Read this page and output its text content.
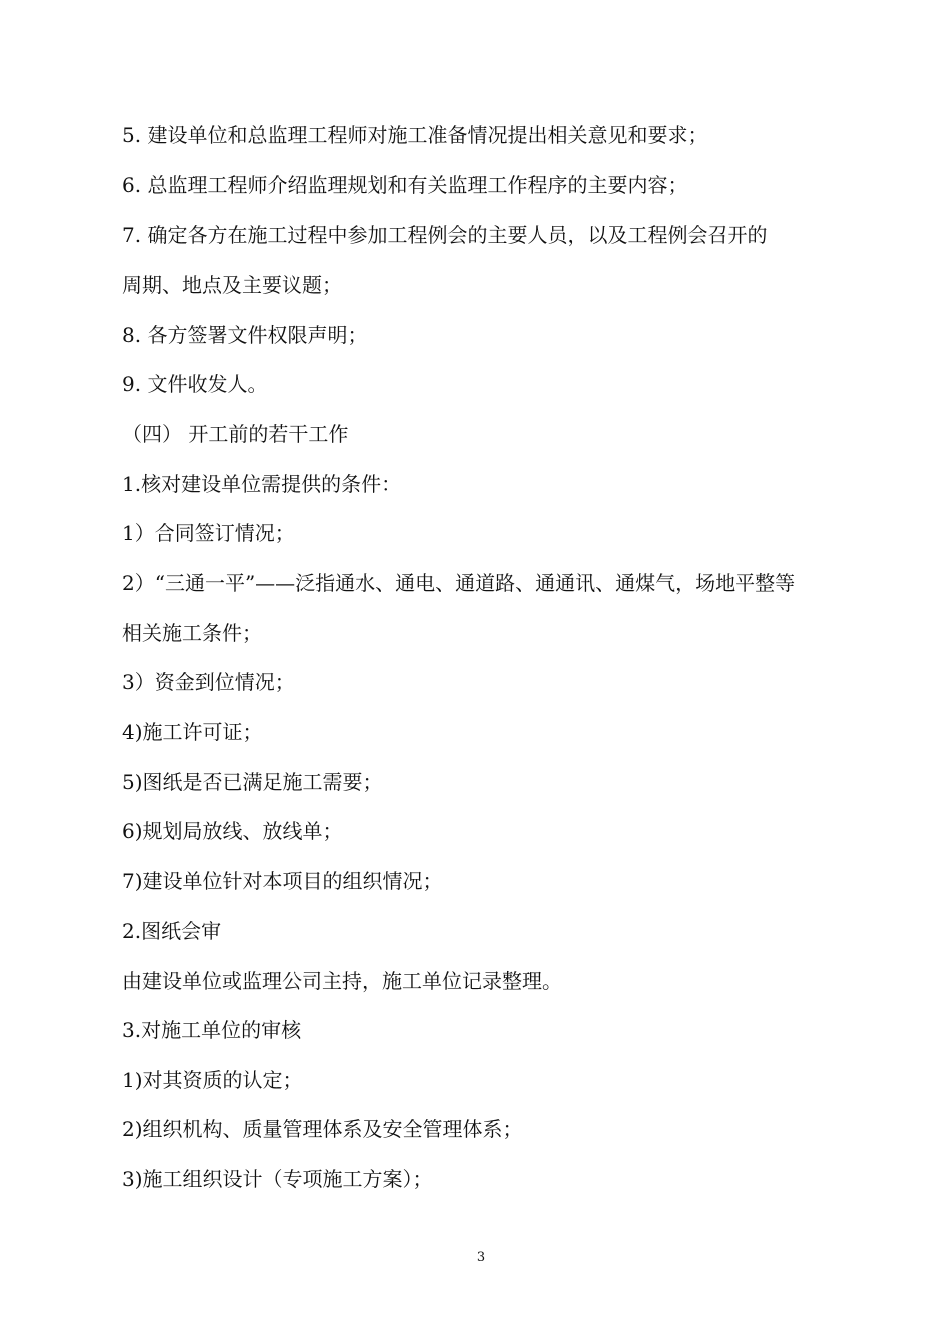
5. 建设单位和总监理工程师对施工准备情况提出相关意见和要求；
6. 总监理工程师介绍监理规划和有关监理工作程序的主要内容；
7. 确定各方在施工过程中参加工程例会的主要人员，以及工程例会召开的
周期、地点及主要议题；
8. 各方签署文件权限声明；
9. 文件收发人。
（四） 开工前的若干工作
1.核对建设单位需提供的条件：
1）合同签订情况；
2）“三通一平”——泛指通水、通电、通道路、通通讯、通煤气，场地平整等
相关施工条件；
3）资金到位情况；
4)施工许可证；
5)图纸是否已满足施工需要；
6)规划局放线、放线单；
7)建设单位针对本项目的组织情况；
2.图纸会审
由建设单位或监理公司主持，施工单位记录整理。
3.对施工单位的审核
1)对其资质的认定；
2)组织机构、质量管理体系及安全管理体系；
3)施工组织设计（专项施工方案）；
3
